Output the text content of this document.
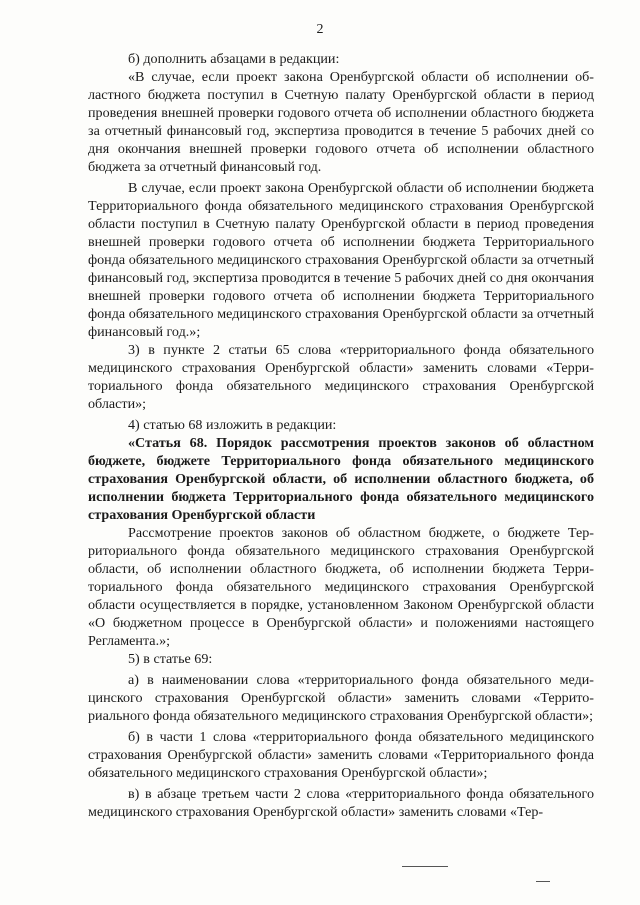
2

б) дополнить абзацами в редакции:

«В случае, если проект закона Оренбургской области об исполнении областного бюджета поступил в Счетную палату Оренбургской области в период проведения внешней проверки годового отчета об исполнении областного бюджета за отчетный финансовый год, экспертиза проводится в течение 5 рабочих дней со дня окончания внешней проверки годового отчета об исполнении областного бюджета за отчетный финансовый год.

В случае, если проект закона Оренбургской области об исполнении бюджета Территориального фонда обязательного медицинского страхования Оренбургской области поступил в Счетную палату Оренбургской области в период проведения внешней проверки годового отчета об исполнении бюджета Территориального фонда обязательного медицинского страхования Оренбургской области за отчетный финансовый год, экспертиза проводится в течение 5 рабочих дней со дня окончания внешней проверки годового отчета об исполнении бюджета Территориального фонда обязательного медицинского страхования Оренбургской области за отчетный финансовый год.»;

3) в пункте 2 статьи 65 слова «территориального фонда обязательного медицинского страхования Оренбургской области» заменить словами «Территориального фонда обязательного медицинского страхования Оренбургской области»;

4) статью 68 изложить в редакции:

«Статья 68. Порядок рассмотрения проектов законов об областном бюджете, бюджете Территориального фонда обязательного медицинского страхования Оренбургской области, об исполнении областного бюджета, об исполнении бюджета Территориального фонда обязательного медицинского страхования Оренбургской области

Рассмотрение проектов законов об областном бюджете, о бюджете Территориального фонда обязательного медицинского страхования Оренбургской области, об исполнении областного бюджета, об исполнении бюджета Территориального фонда обязательного медицинского страхования Оренбургской области осуществляется в порядке, установленном Законом Оренбургской области «О бюджетном процессе в Оренбургской области» и положениями настоящего Регламента.»;

5) в статье 69:

а) в наименовании слова «территориального фонда обязательного медицинского страхования Оренбургской области» заменить словами «Территориального фонда обязательного медицинского страхования Оренбургской области»;

б) в части 1 слова «территориального фонда обязательного медицинского страхования Оренбургской области» заменить словами «Территориального фонда обязательного медицинского страхования Оренбургской области»;

в) в абзаце третьем части 2 слова «территориального фонда обязательного медицинского страхования Оренбургской области» заменить словами «Тер-
